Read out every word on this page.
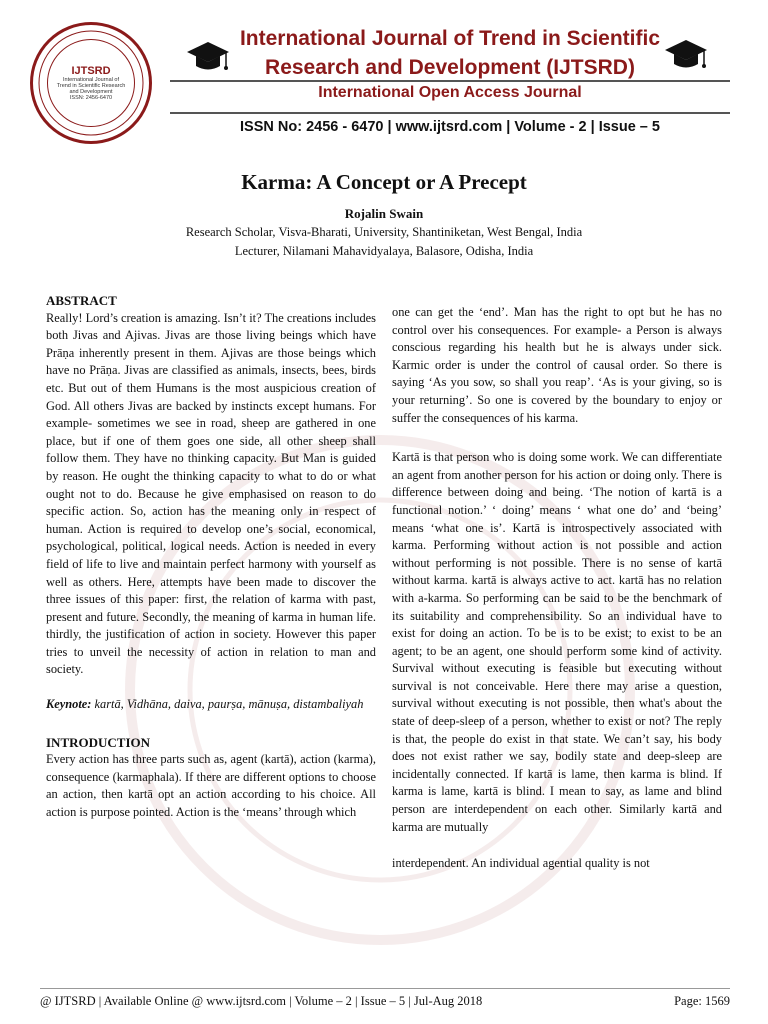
IJTSRD
International Journal of Trend in Scientific Research and Development
ISSN: 2456-6470
International Journal of Trend in Scientific
Research and Development (IJTSRD)
International Open Access Journal
ISSN No: 2456 - 6470 | www.ijtsrd.com | Volume - 2 | Issue – 5
Karma: A Concept or A Precept
Rojalin Swain
Research Scholar, Visva-Bharati, University, Shantiniketan, West Bengal, India
Lecturer, Nilamani Mahavidyalaya, Balasore, Odisha, India

ABSTRACT

Really! Lord’s creation is amazing. Isn’t it? The creations includes both Jivas and Ajivas. Jivas are those living beings which have Prāṇa inherently present in them. Ajivas are those beings which have no Prāṇa. Jivas are classified as animals, insects, bees, birds etc. But out of them Humans is the most auspicious creation of God. All others Jivas are backed by instincts except humans. For example- sometimes we see in road, sheep are gathered in one place, but if one of them goes one side, all other sheep shall follow them. They have no thinking capacity. But Man is guided by reason. He ought the thinking capacity to what to do or what ought not to do. Because he give emphasised on reason to do specific action. So, action has the meaning only in respect of human. Action is required to develop one’s social, economical, psychological, political, logical needs. Action is needed in every field of life to live and maintain perfect harmony with yourself as well as others. Here, attempts have been made to discover the three issues of this paper: first, the relation of karma with past, present and future. Secondly, the meaning of karma in human life. thirdly, the justification of action in society. However this paper tries to unveil the necessity of action in relation to man and society.

Keynote: kartā, Vidhāna, daiva, paurṣa, mānuṣa, distambaliyah

INTRODUCTION

Every action has three parts such as, agent (kartā), action (karma), consequence (karmaphala). If there are different options to choose an action, then kartā opt an action according to his choice. All action is purpose pointed. Action is the ‘means’ through which

one can get the ‘end’. Man has the right to opt but he has no control over his consequences. For example- a Person is always conscious regarding his health but he is always under sick. Karmic order is under the control of causal order. So there is saying ‘As you sow, so shall you reap’. ‘As is your giving, so is your returning’. So one is covered by the boundary to enjoy or suffer the consequences of his karma.

Kartā is that person who is doing some work. We can differentiate an agent from another person for his action or doing only. There is difference between doing and being. ‘The notion of kartā is a functional notion.’ ‘ doing’ means ‘ what one do’ and ‘being’ means ‘what one is’. Kartā is introspectively associated with karma. Performing without action is not possible and action without performing is not possible. There is no sense of kartā without karma. kartā is always active to act. kartā has no relation with a-karma. So performing can be said to be the benchmark of its suitability and comprehensibility. So an individual have to exist for doing an action. To be is to be exist; to exist to be an agent; to be an agent, one should perform some kind of activity. Survival without executing is feasible but executing without survival is not conceivable. Here there may arise a question, survival without executing is not possible, then what's about the state of deep-sleep of a person, whether to exist or not? The reply is that, the people do exist in that state. We can’t say, his body does not exist rather we say, bodily state and deep-sleep are incidentally connected. If kartā is lame, then karma is blind. If karma is lame, kartā is blind. I mean to say, as lame and blind person are interdependent on each other. Similarly kartā and karma are mutually

interdependent. An individual agential quality is not

@ IJTSRD | Available Online @ www.ijtsrd.com | Volume – 2 | Issue – 5 | Jul-Aug 2018	Page: 1569
